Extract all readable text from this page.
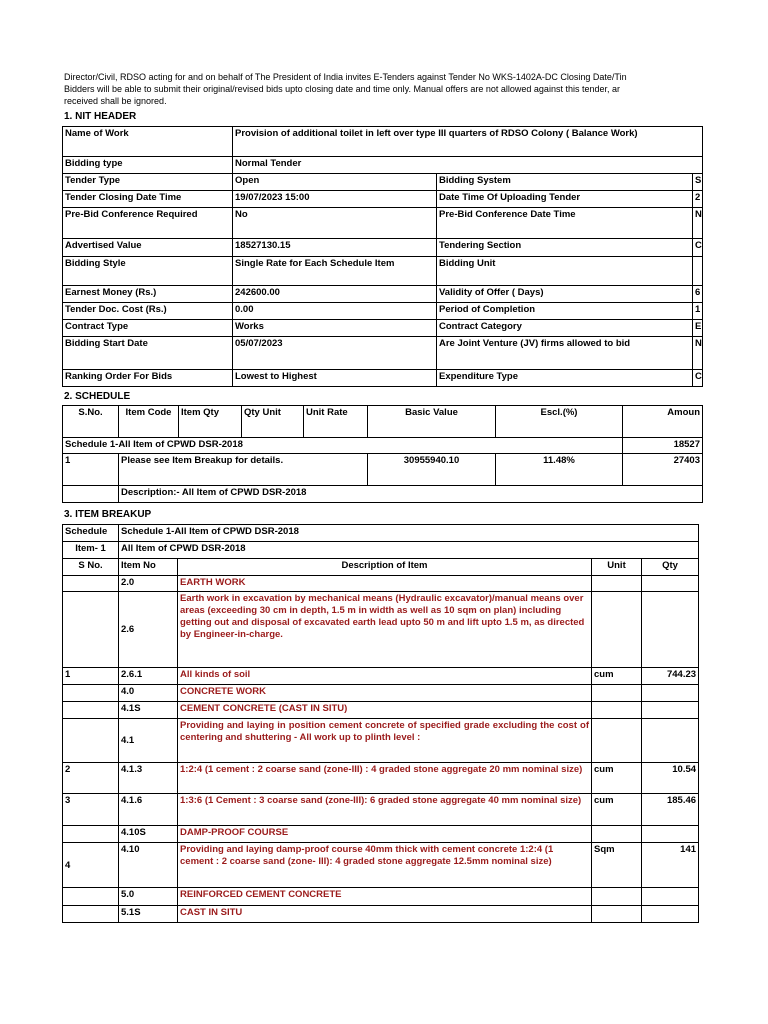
Director/Civil, RDSO acting for and on behalf of The President of India invites E-Tenders against Tender No WKS-1402A-DC Closing Date/Tin
Bidders will be able to submit their original/revised bids upto closing date and time only. Manual offers are not allowed against this tender, ar
received shall be ignored.
1. NIT HEADER
Name of Work	Provision of additional toilet in left over type III quarters of RDSO Colony ( Balance Work)		
Bidding type	Normal Tender		
Tender Type	Open	Bidding System	S
Tender Closing Date Time	19/07/2023 15:00	Date Time Of Uploading Tender	2
Pre-Bid Conference Required	No	Pre-Bid Conference Date Time	N
Advertised Value	18527130.15	Tendering Section	C
Bidding Style	Single Rate for Each Schedule Item	Bidding Unit	
Earnest Money (Rs.)	242600.00	Validity of Offer ( Days)	6
Tender Doc. Cost (Rs.)	0.00	Period of Completion	1
Contract Type	Works	Contract Category	E
Bidding Start Date	05/07/2023	Are Joint Venture (JV) firms allowed to bid	N
Ranking Order For Bids	Lowest to Highest	Expenditure Type	C
2. SCHEDULE
S.No.	Item Code	Item Qty	Qty Unit	Unit Rate	Basic Value	Escl.(%)	Amoun
Schedule 1-All Item of CPWD DSR-2018							18527
1	Please see Item Breakup for details.				30955940.10	11.48%	27403
	Description:- All Item of CPWD DSR-2018						
3. ITEM BREAKUP
Schedule	Schedule 1-All Item of CPWD DSR-2018			
Item- 1	All Item of CPWD DSR-2018			
S No.	Item No	Description of Item	Unit	Qty
	2.0	EARTH WORK		
	2.6	Earth work in excavation by mechanical means (Hydraulic excavator)/manual means over areas (exceeding 30 cm in depth, 1.5 m in width as well as 10 sqm on plan) including getting out and disposal of excavated earth lead upto 50 m and lift upto 1.5 m, as directed by Engineer-in-charge.		
1	2.6.1	All kinds of soil	cum	744.23
	4.0	CONCRETE WORK		
	4.1S	CEMENT CONCRETE (CAST IN SITU)		
	4.1	Providing and laying in position cement concrete of specified grade excluding the cost of centering and shuttering - All work up to plinth level :		
2	4.1.3	1:2:4 (1 cement : 2 coarse sand (zone-III) : 4 graded stone aggregate 20 mm nominal size)	cum	10.54
3	4.1.6	1:3:6 (1 Cement : 3 coarse sand (zone-III): 6 graded stone aggregate 40 mm nominal size)	cum	185.46
	4.10S	DAMP-PROOF COURSE		
4	4.10	Providing and laying damp-proof course 40mm thick with cement concrete 1:2:4 (1 cement : 2 coarse sand (zone- III): 4 graded stone aggregate 12.5mm nominal size)	Sqm	141
	5.0	REINFORCED CEMENT CONCRETE		
	5.1S	CAST IN SITU		
